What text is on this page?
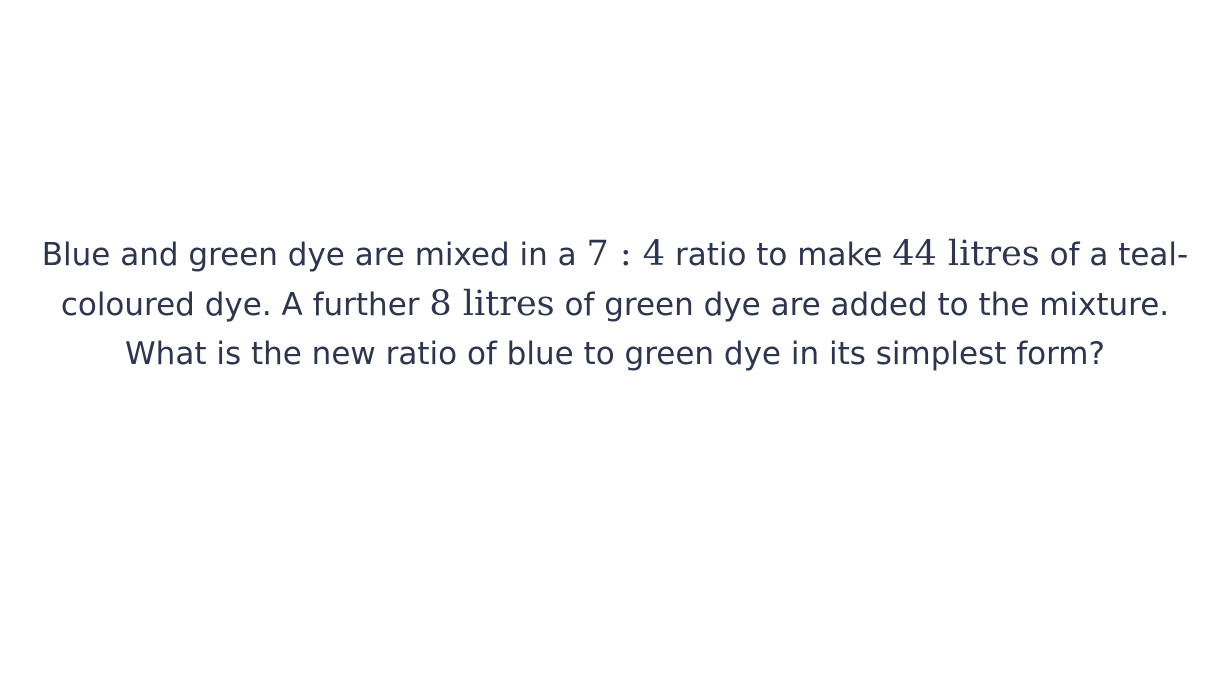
Blue and green dye are mixed in a 7 : 4 ratio to make 44 litres of a teal-coloured dye. A further 8 litres of green dye are added to the mixture. What is the new ratio of blue to green dye in its simplest form?
